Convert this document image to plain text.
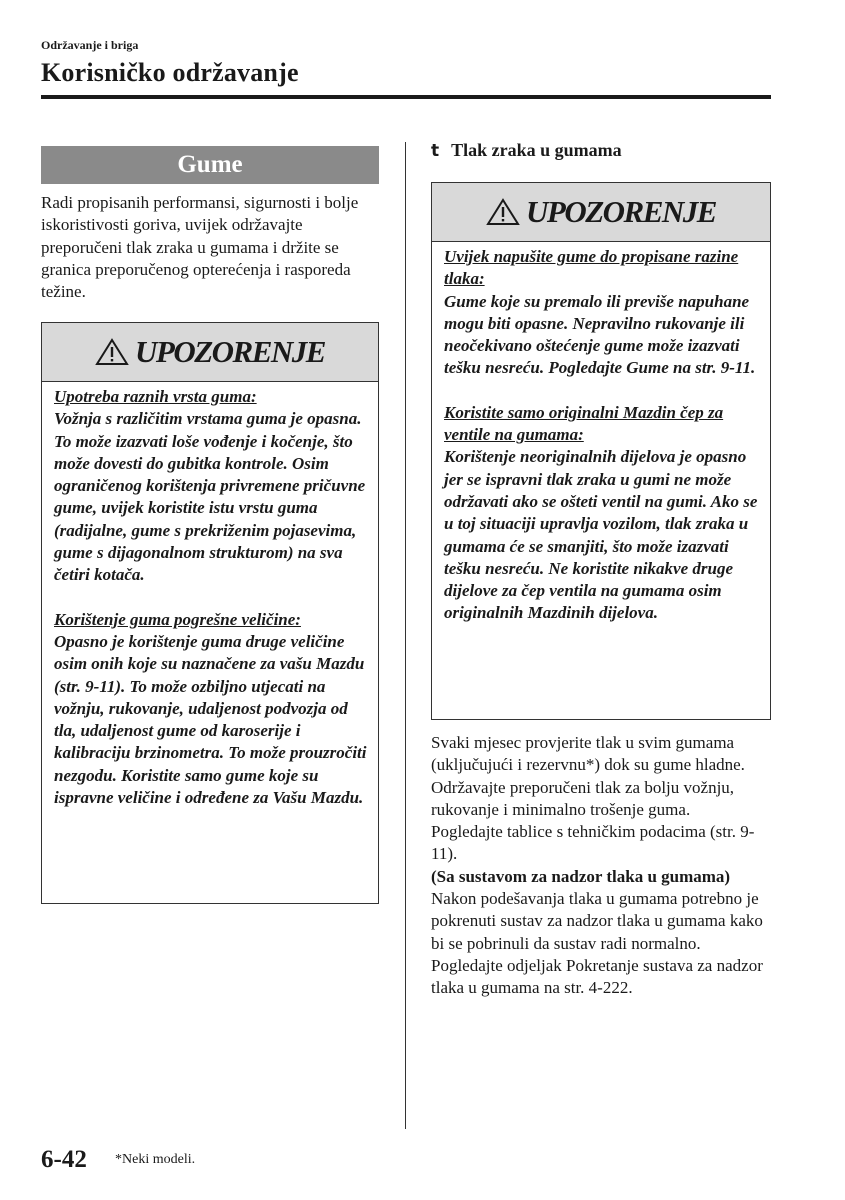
Održavanje i briga
Korisničko održavanje
Gume
Radi propisanih performansi, sigurnosti i bolje iskoristivosti goriva, uvijek održavajte preporučeni tlak zraka u gumama i držite se granica preporučenog opterećenja i rasporeda težine.
UPOZORENJE
Upotreba raznih vrsta guma:
Vožnja s različitim vrstama guma je opasna. To može izazvati loše vođenje i kočenje, što može dovesti do gubitka kontrole. Osim ograničenog korištenja privremene pričuvne gume, uvijek koristite istu vrstu guma (radijalne, gume s prekriženim pojasevima, gume s dijagonalnom strukturom) na sva četiri kotača.
Korištenje guma pogrešne veličine:
Opasno je korištenje guma druge veličine osim onih koje su naznačene za vašu Mazdu (str. 9-11). To može ozbiljno utjecati na vožnju, rukovanje, udaljenost podvozja od tla, udaljenost gume od karoserije i kalibraciju brzinometra. To može prouzročiti nezgodu. Koristite samo gume koje su ispravne veličine i određene za Vašu Mazdu.
t Tlak zraka u gumama
UPOZORENJE
Uvijek napušite gume do propisane razine tlaka:
Gume koje su premalo ili previše napuhane mogu biti opasne. Nepravilno rukovanje ili neočekivano oštećenje gume može izazvati tešku nesreću. Pogledajte Gume na str. 9-11.
Koristite samo originalni Mazdin čep za ventile na gumama:
Korištenje neoriginalnih dijelova je opasno jer se ispravni tlak zraka u gumi ne može održavati ako se ošteti ventil na gumi. Ako se u toj situaciji upravlja vozilom, tlak zraka u gumama će se smanjiti, što može izazvati tešku nesreću. Ne koristite nikakve druge dijelove za čep ventila na gumama osim originalnih Mazdinih dijelova.

Svaki mjesec provjerite tlak u svim gumama (uključujući i rezervnu*) dok su gume hladne. Održavajte preporučeni tlak za bolju vožnju, rukovanje i minimalno trošenje guma.

Pogledajte tablice s tehničkim podacima (str. 9-11).

(Sa sustavom za nadzor tlaka u gumama)

Nakon podešavanja tlaka u gumama potrebno je pokrenuti sustav za nadzor tlaka u gumama kako bi se pobrinuli da sustav radi normalno.

Pogledajte odjeljak Pokretanje sustava za nadzor tlaka u gumama na str. 4-222.

6-42 *Neki modeli.
